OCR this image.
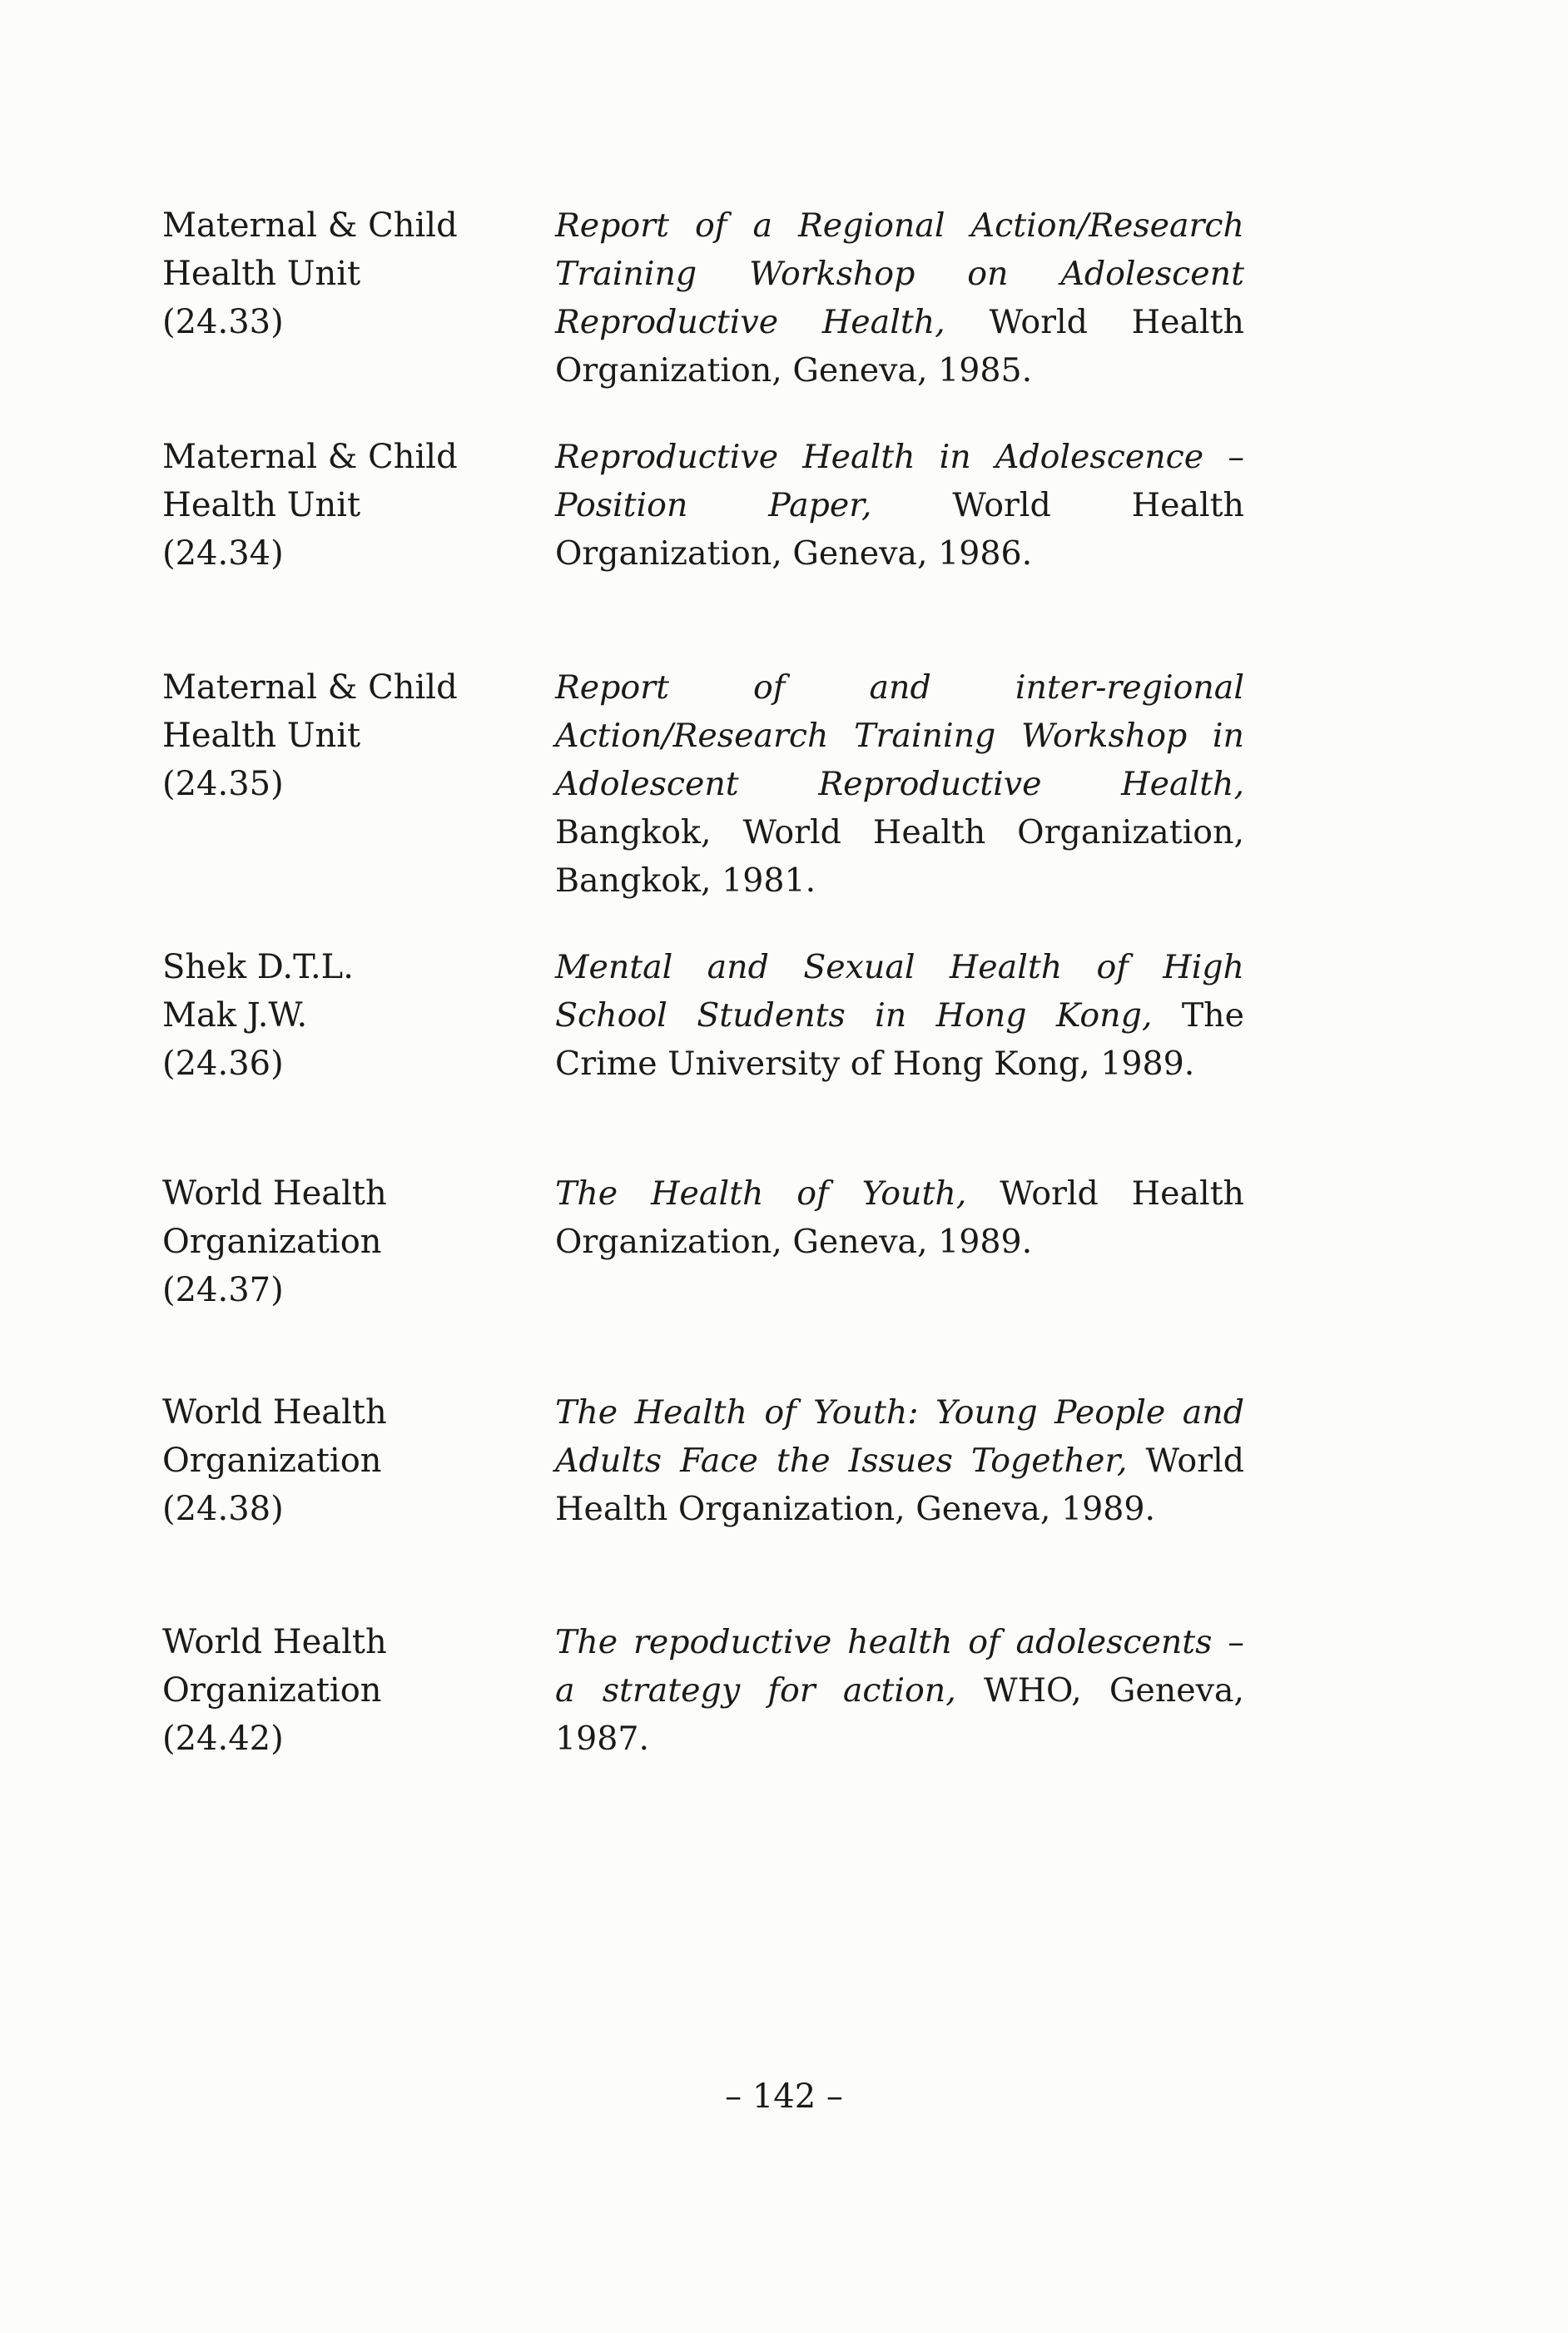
Maternal & Child
Health Unit
(24.33)
Report of a Regional Action/Research Training Workshop on Adolescent Reproductive Health, World Health Organization, Geneva, 1985.
Maternal & Child
Health Unit
(24.34)
Reproductive Health in Adolescence – Position Paper, World Health Organization, Geneva, 1986.
Maternal & Child
Health Unit
(24.35)
Report of and inter-regional Action/Research Training Workshop in Adolescent Reproductive Health, Bangkok, World Health Organization, Bangkok, 1981.
Shek D.T.L.
Mak J.W.
(24.36)
Mental and Sexual Health of High School Students in Hong Kong, The Crime University of Hong Kong, 1989.
World Health
Organization
(24.37)
The Health of Youth, World Health Organization, Geneva, 1989.
World Health
Organization
(24.38)
The Health of Youth: Young People and Adults Face the Issues Together, World Health Organization, Geneva, 1989.
World Health
Organization
(24.42)
The repoductive health of adolescents – a strategy for action, WHO, Geneva, 1987.
– 142 –
